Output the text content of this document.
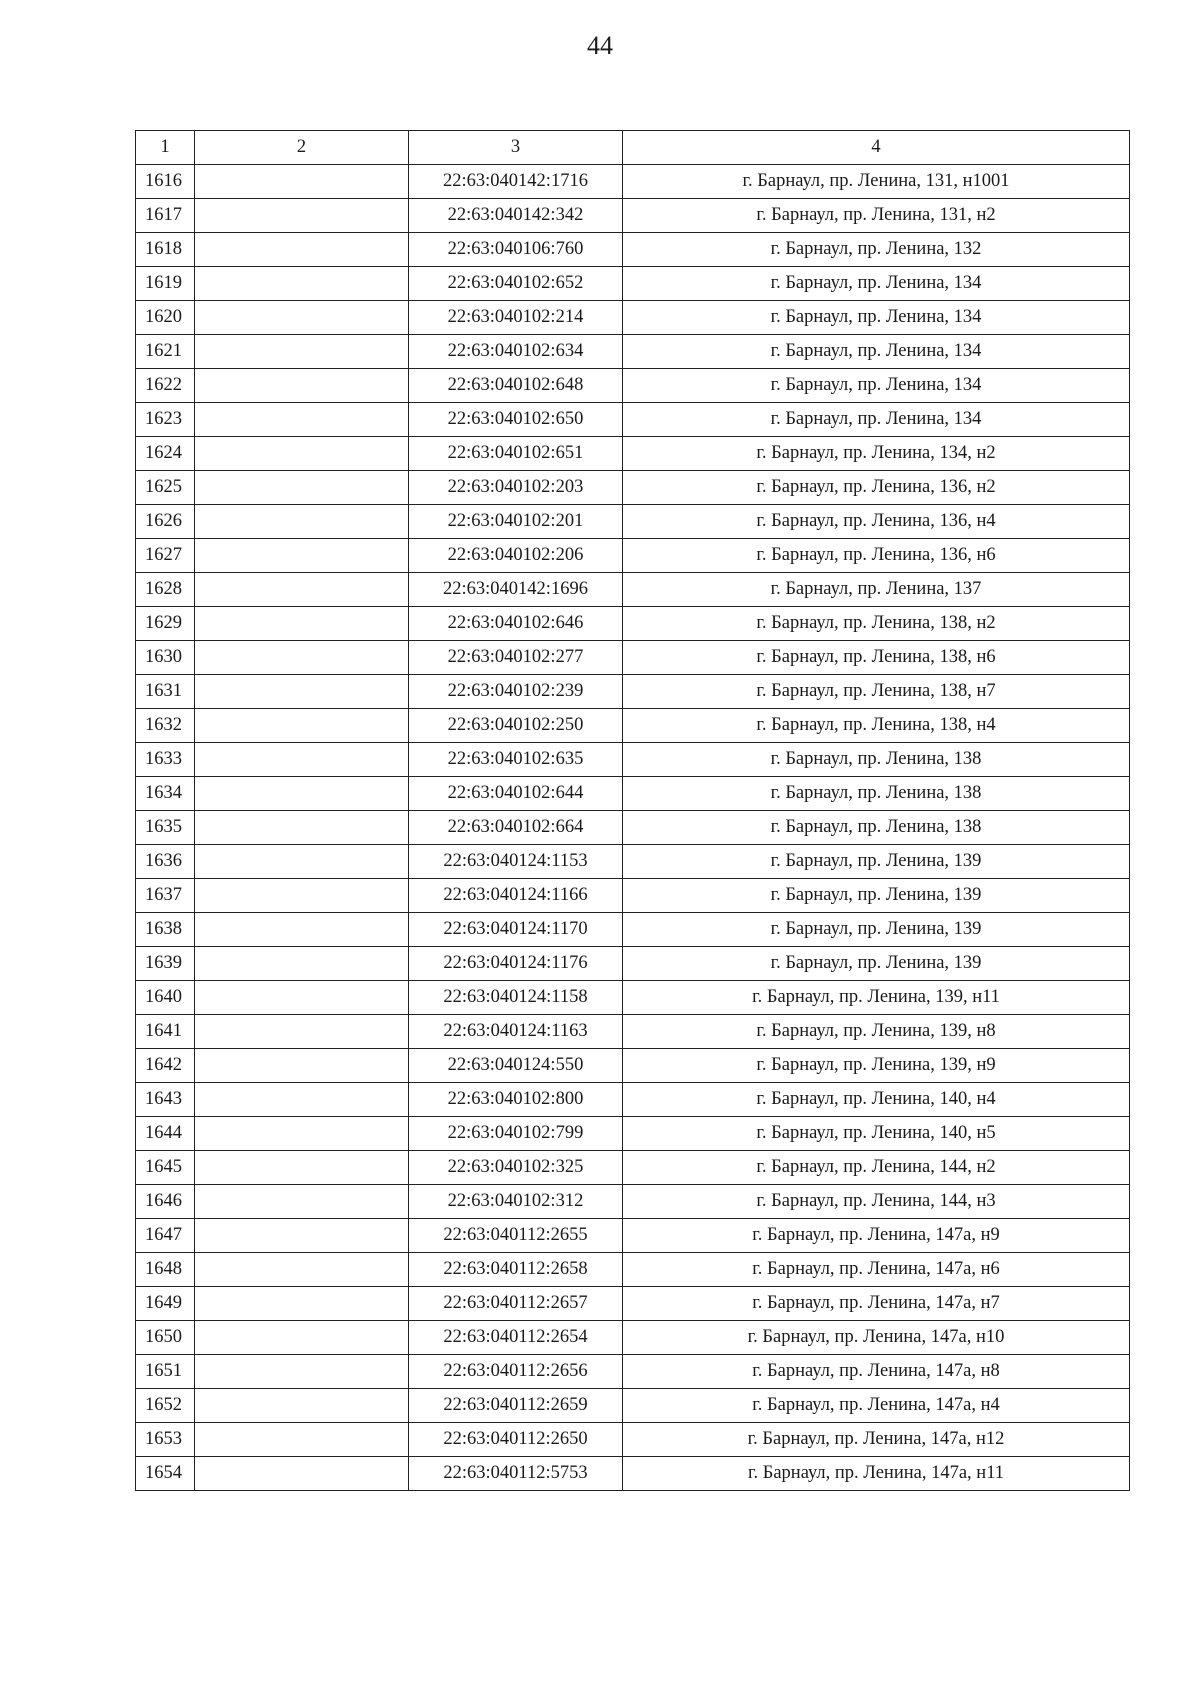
44
1	2	3	4
1616		22:63:040142:1716	г. Барнаул, пр. Ленина, 131, н1001
1617		22:63:040142:342	г. Барнаул, пр. Ленина, 131, н2
1618		22:63:040106:760	г. Барнаул, пр. Ленина, 132
1619		22:63:040102:652	г. Барнаул, пр. Ленина, 134
1620		22:63:040102:214	г. Барнаул, пр. Ленина, 134
1621		22:63:040102:634	г. Барнаул, пр. Ленина, 134
1622		22:63:040102:648	г. Барнаул, пр. Ленина, 134
1623		22:63:040102:650	г. Барнаул, пр. Ленина, 134
1624		22:63:040102:651	г. Барнаул, пр. Ленина, 134, н2
1625		22:63:040102:203	г. Барнаул, пр. Ленина, 136, н2
1626		22:63:040102:201	г. Барнаул, пр. Ленина, 136, н4
1627		22:63:040102:206	г. Барнаул, пр. Ленина, 136, н6
1628		22:63:040142:1696	г. Барнаул, пр. Ленина, 137
1629		22:63:040102:646	г. Барнаул, пр. Ленина, 138, н2
1630		22:63:040102:277	г. Барнаул, пр. Ленина, 138, н6
1631		22:63:040102:239	г. Барнаул, пр. Ленина, 138, н7
1632		22:63:040102:250	г. Барнаул, пр. Ленина, 138, н4
1633		22:63:040102:635	г. Барнаул, пр. Ленина, 138
1634		22:63:040102:644	г. Барнаул, пр. Ленина, 138
1635		22:63:040102:664	г. Барнаул, пр. Ленина, 138
1636		22:63:040124:1153	г. Барнаул, пр. Ленина, 139
1637		22:63:040124:1166	г. Барнаул, пр. Ленина, 139
1638		22:63:040124:1170	г. Барнаул, пр. Ленина, 139
1639		22:63:040124:1176	г. Барнаул, пр. Ленина, 139
1640		22:63:040124:1158	г. Барнаул, пр. Ленина, 139, н11
1641		22:63:040124:1163	г. Барнаул, пр. Ленина, 139, н8
1642		22:63:040124:550	г. Барнаул, пр. Ленина, 139, н9
1643		22:63:040102:800	г. Барнаул, пр. Ленина, 140, н4
1644		22:63:040102:799	г. Барнаул, пр. Ленина, 140, н5
1645		22:63:040102:325	г. Барнаул, пр. Ленина, 144, н2
1646		22:63:040102:312	г. Барнаул, пр. Ленина, 144, н3
1647		22:63:040112:2655	г. Барнаул, пр. Ленина, 147а, н9
1648		22:63:040112:2658	г. Барнаул, пр. Ленина, 147а, н6
1649		22:63:040112:2657	г. Барнаул, пр. Ленина, 147а, н7
1650		22:63:040112:2654	г. Барнаул, пр. Ленина, 147а, н10
1651		22:63:040112:2656	г. Барнаул, пр. Ленина, 147а, н8
1652		22:63:040112:2659	г. Барнаул, пр. Ленина, 147а, н4
1653		22:63:040112:2650	г. Барнаул, пр. Ленина, 147а, н12
1654		22:63:040112:5753	г. Барнаул, пр. Ленина, 147а, н11
